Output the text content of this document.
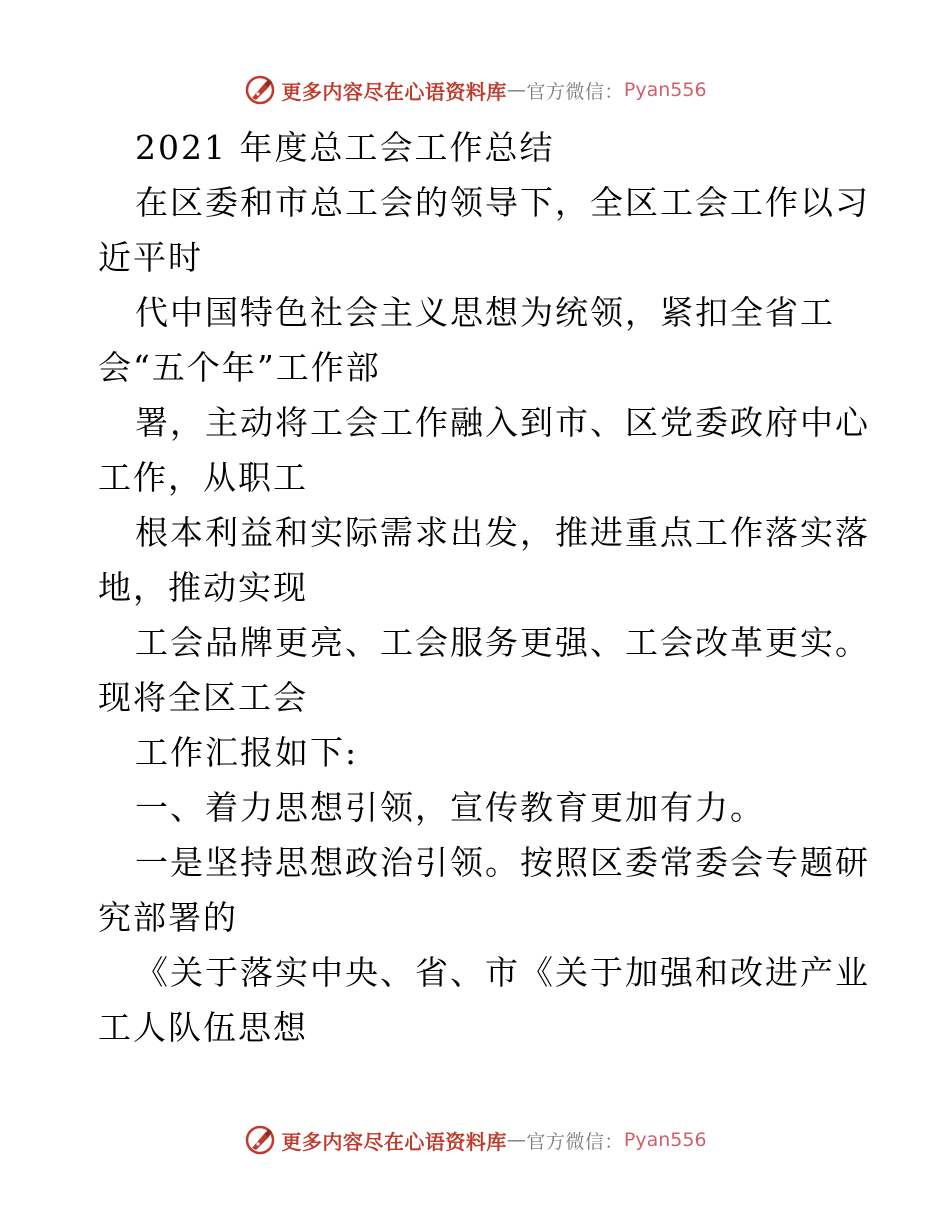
更多内容尽在心语资料库 — 官方微信： Pyan556
2021 年度总工会工作总结
在区委和市总工会的领导下，全区工会工作以习
近平时
代中国特色社会主义思想为统领，紧扣全省工
会“五个年”工作部
署，主动将工会工作融入到市、区党委政府中心
工作，从职工
根本利益和实际需求出发，推进重点工作落实落
地，推动实现
工会品牌更亮、工会服务更强、工会改革更实。
现将全区工会
工作汇报如下:
一、着力思想引领，宣传教育更加有力。
一是坚持思想政治引领。按照区委常委会专题研
究部署的
《关于落实中央、省、市《关于加强和改进产业
工人队伍思想
更多内容尽在心语资料库 — 官方微信： Pyan556
